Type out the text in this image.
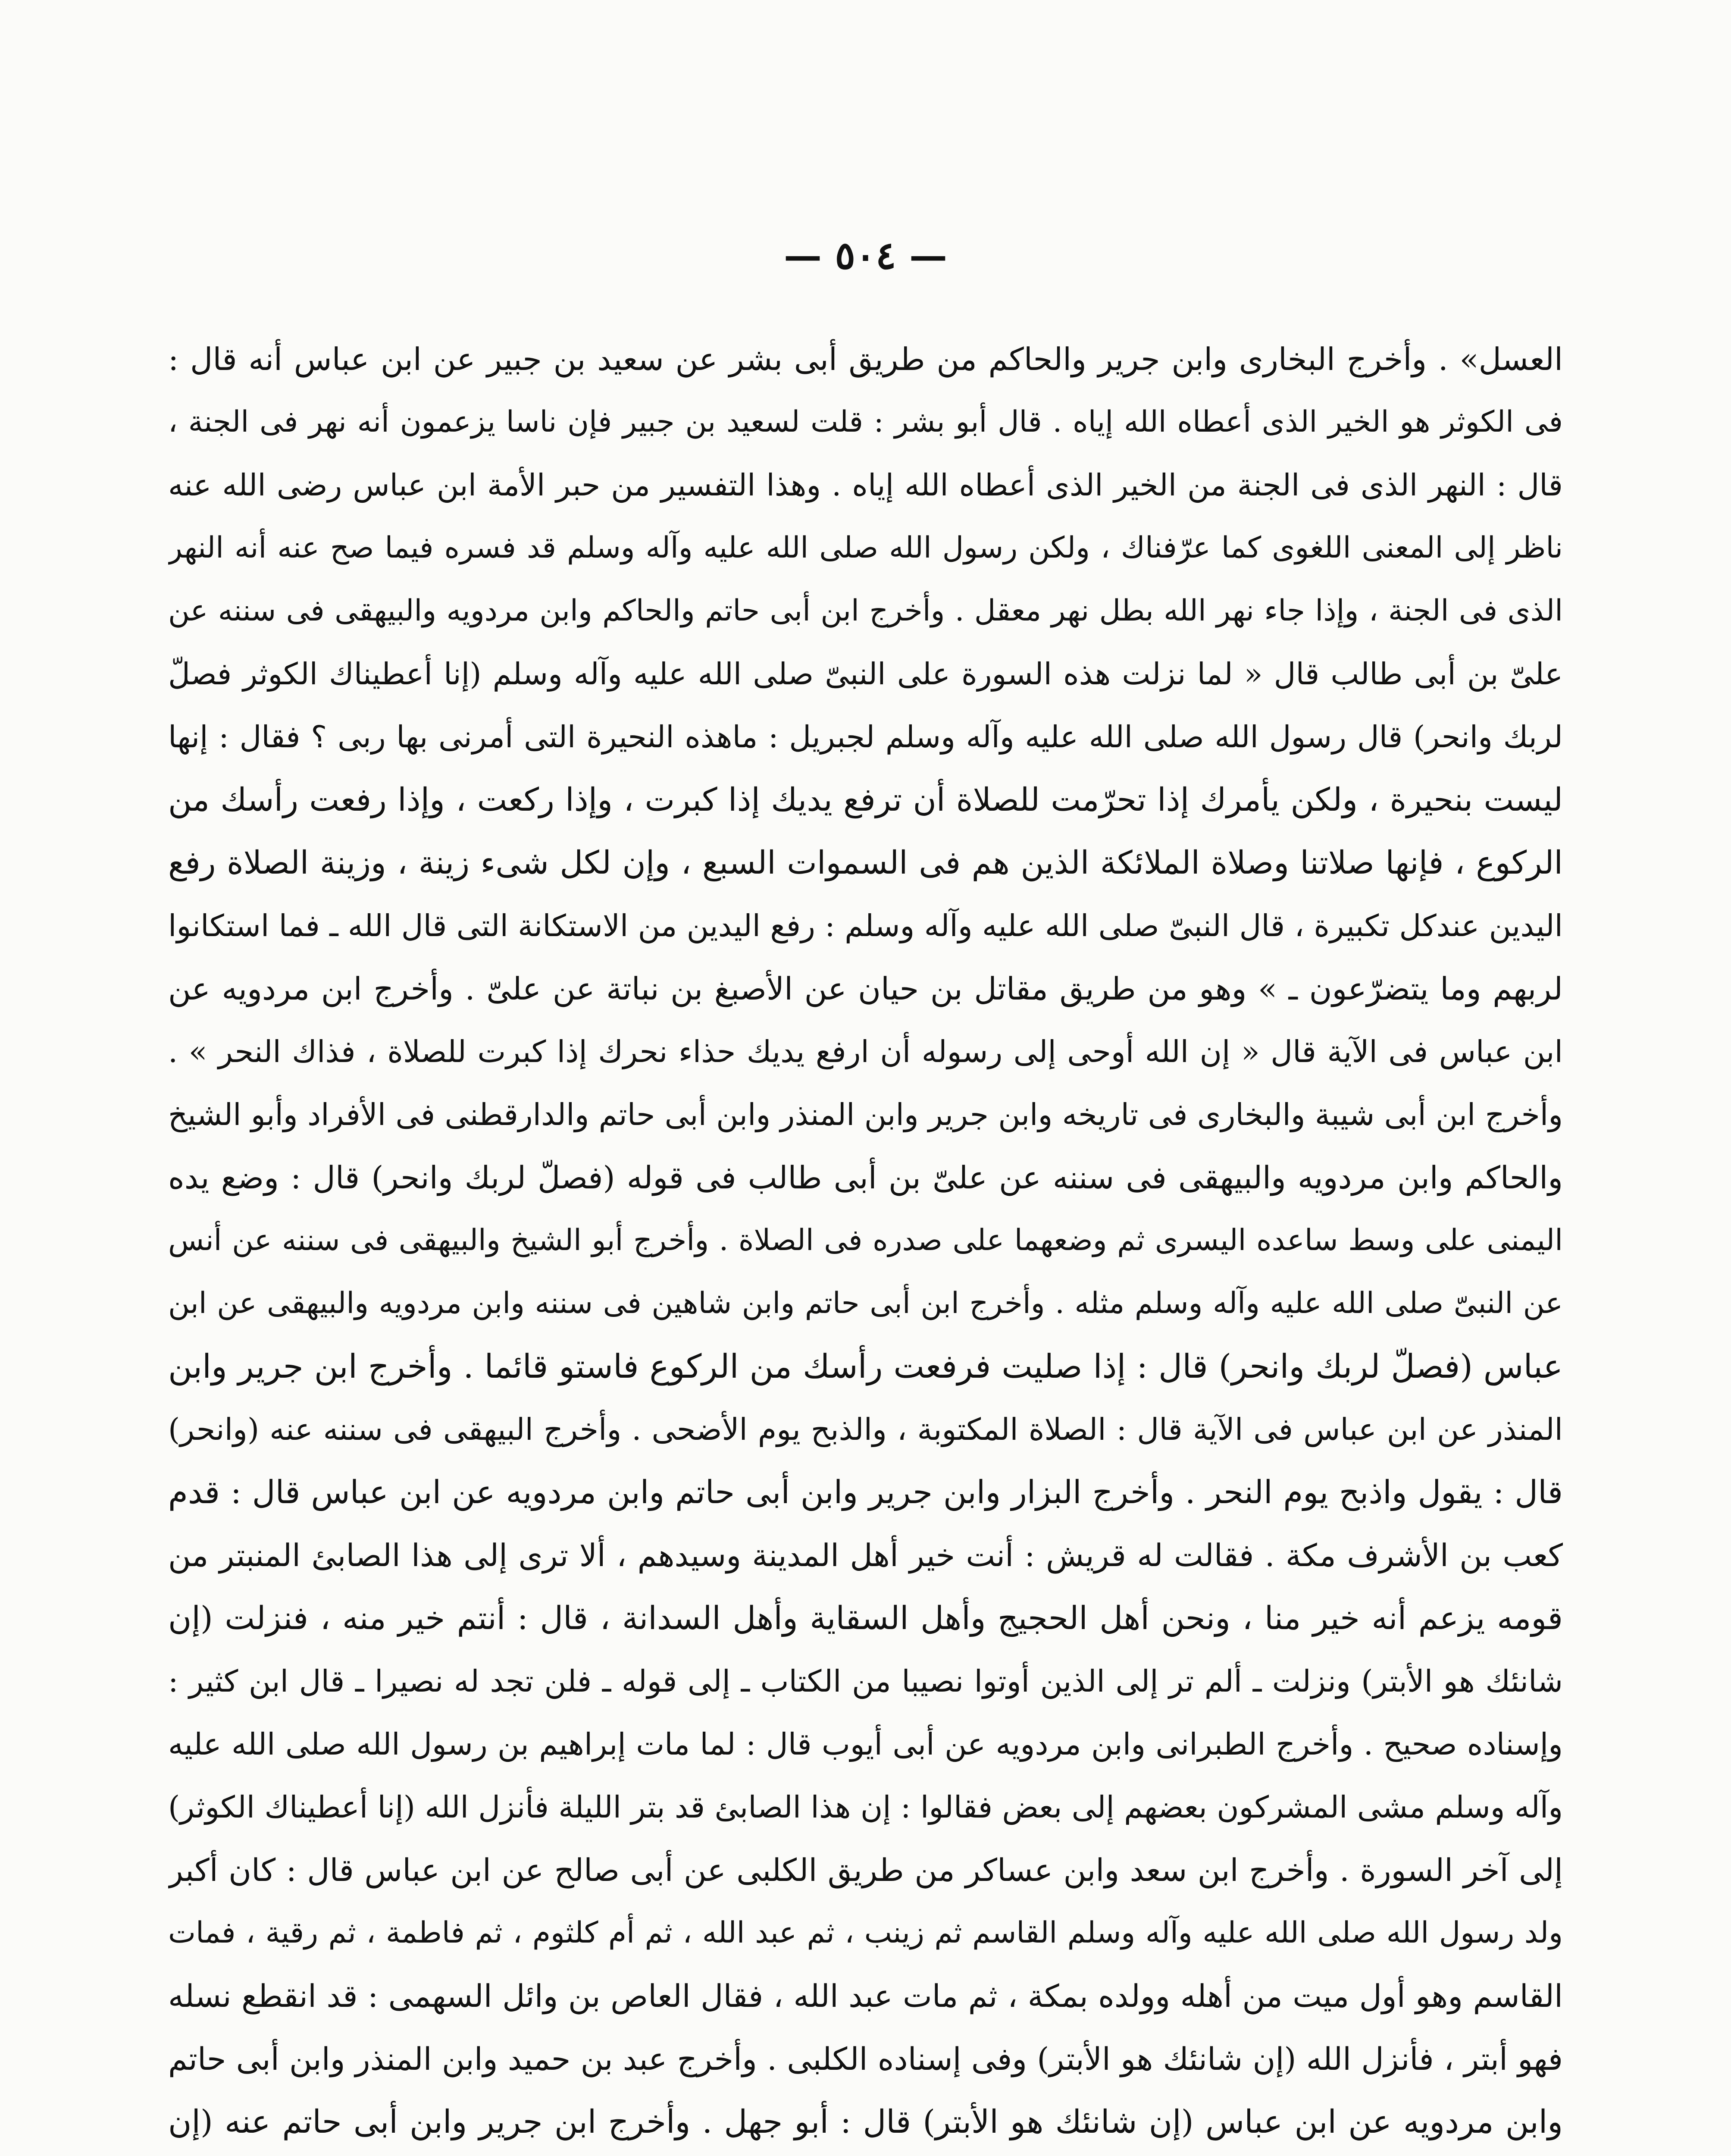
— ٥٠٤ —
العسل» . وأخرج البخارى وابن جرير والحاكم من طريق أبى بشر عن سعيد بن جبير عن ابن عباس أنه قال :
فى الكوثر هو الخير الذى أعطاه الله إياه . قال أبو بشر : قلت لسعيد بن جبير فإن ناسا يزعمون أنه نهر فى الجنة ،
قال : النهر الذى فى الجنة من الخير الذى أعطاه الله إياه . وهذا التفسير من حبر الأمة ابن عباس رضى الله عنه
ناظر إلى المعنى اللغوى كما عرّفناك ، ولكن رسول الله صلى الله عليه وآله وسلم قد فسره فيما صح عنه أنه النهر
الذى فى الجنة ، وإذا جاء نهر الله بطل نهر معقل . وأخرج ابن أبى حاتم والحاكم وابن مردويه والبيهقى فى سننه عن
علىّ بن أبى طالب قال « لما نزلت هذه السورة على النبىّ صلى الله عليه وآله وسلم (إنا أعطيناك الكوثر فصلّ
لربك وانحر) قال رسول الله صلى الله عليه وآله وسلم لجبريل : ماهذه النحيرة التى أمرنى بها ربى ؟ فقال : إنها
ليست بنحيرة ، ولكن يأمرك إذا تحرّمت للصلاة أن ترفع يديك إذا كبرت ، وإذا ركعت ، وإذا رفعت رأسك من
الركوع ، فإنها صلاتنا وصلاة الملائكة الذين هم فى السموات السبع ، وإن لكل شىء زينة ، وزينة الصلاة رفع
اليدين عندكل تكبيرة ، قال النبىّ صلى الله عليه وآله وسلم : رفع اليدين من الاستكانة التى قال الله ـ فما استكانوا
لربهم وما يتضرّعون ـ » وهو من طريق مقاتل بن حيان عن الأصبغ بن نباتة عن علىّ . وأخرج ابن مردويه عن
ابن عباس فى الآية قال « إن الله أوحى إلى رسوله أن ارفع يديك حذاء نحرك إذا كبرت للصلاة ، فذاك النحر » .
وأخرج ابن أبى شيبة والبخارى فى تاريخه وابن جرير وابن المنذر وابن أبى حاتم والدارقطنى فى الأفراد وأبو الشيخ
والحاكم وابن مردويه والبيهقى فى سننه عن علىّ بن أبى طالب فى قوله (فصلّ لربك وانحر) قال : وضع يده
اليمنى على وسط ساعده اليسرى ثم وضعهما على صدره فى الصلاة . وأخرج أبو الشيخ والبيهقى فى سننه عن أنس
عن النبىّ صلى الله عليه وآله وسلم مثله . وأخرج ابن أبى حاتم وابن شاهين فى سننه وابن مردويه والبيهقى عن ابن
عباس (فصلّ لربك وانحر) قال : إذا صليت فرفعت رأسك من الركوع فاستو قائما . وأخرج ابن جرير وابن
المنذر عن ابن عباس فى الآية قال : الصلاة المكتوبة ، والذبح يوم الأضحى . وأخرج البيهقى فى سننه عنه (وانحر)
قال : يقول واذبح يوم النحر . وأخرج البزار وابن جرير وابن أبى حاتم وابن مردويه عن ابن عباس قال : قدم
كعب بن الأشرف مكة . فقالت له قريش : أنت خير أهل المدينة وسيدهم ، ألا ترى إلى هذا الصابئ المنبتر من
قومه يزعم أنه خير منا ، ونحن أهل الحجيج وأهل السقاية وأهل السدانة ، قال : أنتم خير منه ، فنزلت (إن
شانئك هو الأبتر) ونزلت ـ ألم تر إلى الذين أوتوا نصيبا من الكتاب ـ إلى قوله ـ فلن تجد له نصيرا ـ قال ابن كثير :
وإسناده صحيح . وأخرج الطبرانى وابن مردويه عن أبى أيوب قال : لما مات إبراهيم بن رسول الله صلى الله عليه
وآله وسلم مشى المشركون بعضهم إلى بعض فقالوا : إن هذا الصابئ قد بتر الليلة فأنزل الله (إنا أعطيناك الكوثر)
إلى آخر السورة . وأخرج ابن سعد وابن عساكر من طريق الكلبى عن أبى صالح عن ابن عباس قال : كان أكبر
ولد رسول الله صلى الله عليه وآله وسلم القاسم ثم زينب ، ثم عبد الله ، ثم أم كلثوم ، ثم فاطمة ، ثم رقية ، فمات
القاسم وهو أول ميت من أهله وولده بمكة ، ثم مات عبد الله ، فقال العاص بن وائل السهمى : قد انقطع نسله
فهو أبتر ، فأنزل الله (إن شانئك هو الأبتر) وفى إسناده الكلبى . وأخرج عبد بن حميد وابن المنذر وابن أبى حاتم
وابن مردويه عن ابن عباس (إن شانئك هو الأبتر) قال : أبو جهل . وأخرج ابن جرير وابن أبى حاتم عنه (إن
